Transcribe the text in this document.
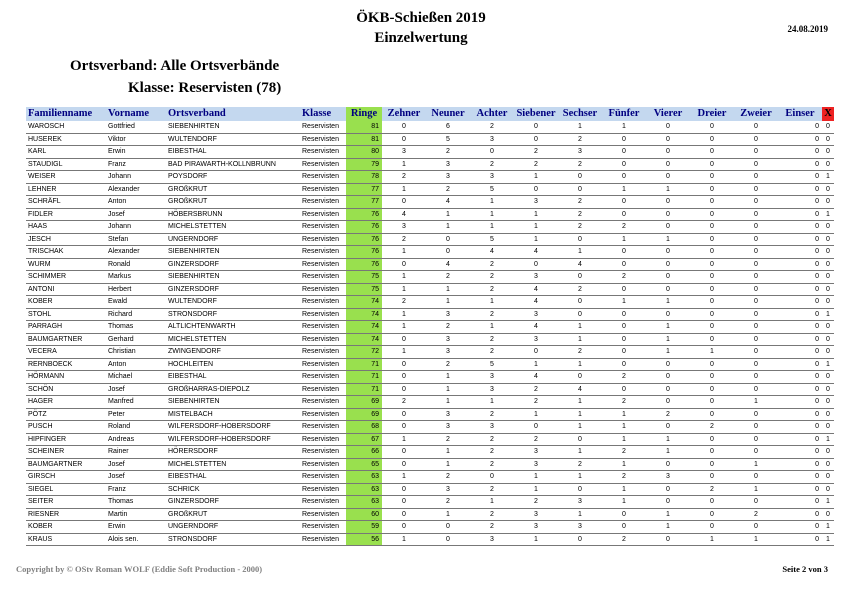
ÖKB-Schießen 2019
Einzelwertung
24.08.2019
Ortsverband: Alle Ortsverbände
Klasse: Reservisten (78)
Familienname	Vorname	Ortsverband	Klasse	Ringe	Zehner	Neuner	Achter	Siebener	Sechser	Fünfer	Vierer	Dreier	Zweier	Einser	X
WAROSCH	Gottfried	SIEBENHIRTEN	Reservisten	81	0	6	2	0	1	1	0	0	0	0	0
HUSEREK	Viktor	WULTENDORF	Reservisten	81	0	5	3	0	2	0	0	0	0	0	0
KARL	Erwin	EIBESTHAL	Reservisten	80	3	2	0	2	3	0	0	0	0	0	0
STAUDIGL	Franz	BAD PIRAWARTH-KOLLNBRUNN	Reservisten	79	1	3	2	2	2	0	0	0	0	0	0
WEISER	Johann	POYSDORF	Reservisten	78	2	3	3	1	0	0	0	0	0	0	1
LEHNER	Alexander	GROßKRUT	Reservisten	77	1	2	5	0	0	1	1	0	0	0	0
SCHRÄFL	Anton	GROßKRUT	Reservisten	77	0	4	1	3	2	0	0	0	0	0	0
FIDLER	Josef	HÖBERSBRUNN	Reservisten	76	4	1	1	1	2	0	0	0	0	0	1
HAAS	Johann	MICHELSTETTEN	Reservisten	76	3	1	1	1	2	2	0	0	0	0	0
JESCH	Stefan	UNGERNDORF	Reservisten	76	2	0	5	1	0	1	1	0	0	0	0
TRISCHAK	Alexander	SIEBENHIRTEN	Reservisten	76	1	0	4	4	1	0	0	0	0	0	0
WURM	Ronald	GINZERSDORF	Reservisten	76	0	4	2	0	4	0	0	0	0	0	0
SCHIMMER	Markus	SIEBENHIRTEN	Reservisten	75	1	2	2	3	0	2	0	0	0	0	0
ANTONI	Herbert	GINZERSDORF	Reservisten	75	1	1	2	4	2	0	0	0	0	0	0
KOBER	Ewald	WULTENDORF	Reservisten	74	2	1	1	4	0	1	1	0	0	0	0
STOHL	Richard	STRONSDORF	Reservisten	74	1	3	2	3	0	0	0	0	0	0	1
PARRAGH	Thomas	ALTLICHTENWARTH	Reservisten	74	1	2	1	4	1	0	1	0	0	0	0
BAUMGARTNER	Gerhard	MICHELSTETTEN	Reservisten	74	0	3	2	3	1	0	1	0	0	0	0
VECERA	Christian	ZWINGENDORF	Reservisten	72	1	3	2	0	2	0	1	1	0	0	0
RERNBOECK	Anton	HOCHLEITEN	Reservisten	71	0	2	5	1	1	0	0	0	0	0	1
HÖRMANN	Michael	EIBESTHAL	Reservisten	71	0	1	3	4	0	2	0	0	0	0	0
SCHÖN	Josef	GROßHARRAS-DIEPOLZ	Reservisten	71	0	1	3	2	4	0	0	0	0	0	0
HAGER	Manfred	SIEBENHIRTEN	Reservisten	69	2	1	1	2	1	2	0	0	1	0	0
PÖTZ	Peter	MISTELBACH	Reservisten	69	0	3	2	1	1	1	2	0	0	0	0
PUSCH	Roland	WILFERSDORF-HOBERSDORF	Reservisten	68	0	3	3	0	1	1	0	2	0	0	0
HIPFINGER	Andreas	WILFERSDORF-HOBERSDORF	Reservisten	67	1	2	2	2	0	1	1	0	0	0	1
SCHEINER	Rainer	HÖRERSDORF	Reservisten	66	0	1	2	3	1	2	1	0	0	0	0
BAUMGARTNER	Josef	MICHELSTETTEN	Reservisten	65	0	1	2	3	2	1	0	0	1	0	0
GIRSCH	Josef	EIBESTHAL	Reservisten	63	1	2	0	1	1	2	3	0	0	0	0
SIEGEL	Franz	SCHRICK	Reservisten	63	0	3	2	1	0	1	0	2	1	0	0
SEITER	Thomas	GINZERSDORF	Reservisten	63	0	2	1	2	3	1	0	0	0	0	1
RIESNER	Martin	GROßKRUT	Reservisten	60	0	1	2	3	1	0	1	0	2	0	0
KOBER	Erwin	UNGERNDORF	Reservisten	59	0	0	2	3	3	0	1	0	0	0	1
KRAUS	Alois sen.	STRONSDORF	Reservisten	56	1	0	3	1	0	2	0	1	1	0	1
Copyright by © OStv Roman WOLF (Eddie Soft Production - 2000)	Seite 2 von 3
